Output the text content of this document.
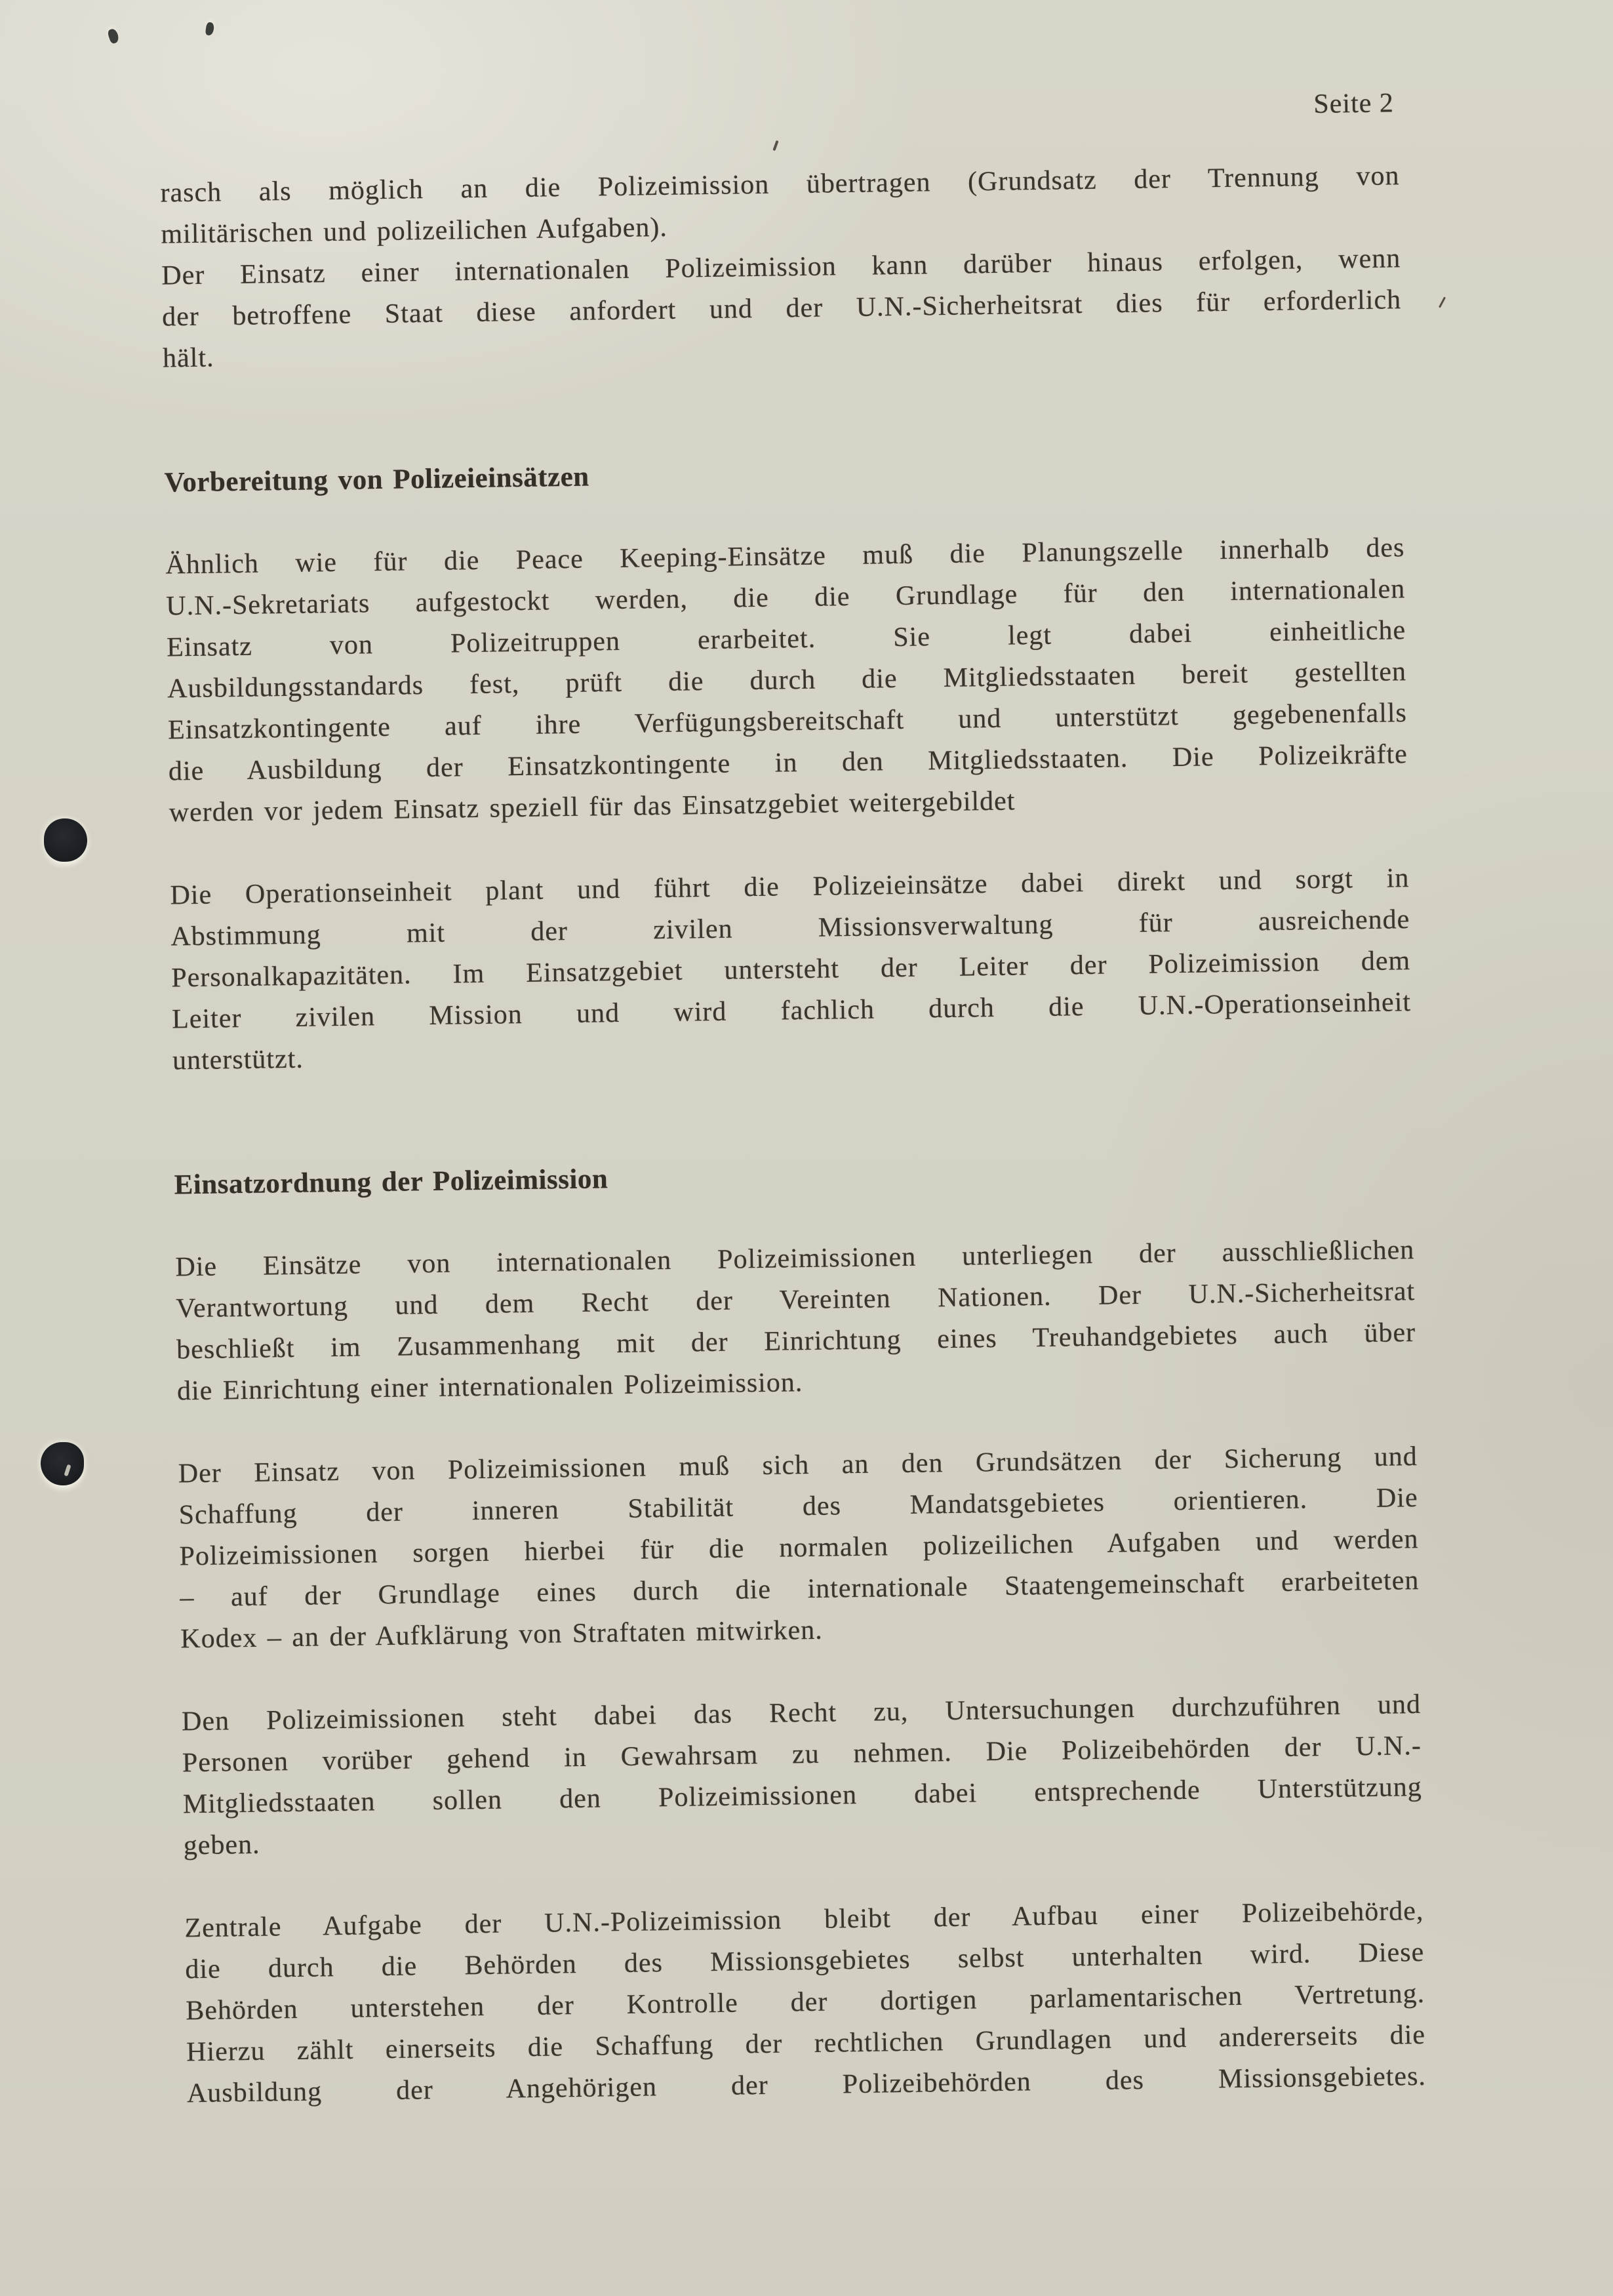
Seite 2
rasch als möglich an die Polizeimission übertragen (Grundsatz der Trennung von
militärischen und polizeilichen Aufgaben).
Der Einsatz einer internationalen Polizeimission kann darüber hinaus erfolgen, wenn
der betroffene Staat diese anfordert und der U.N.-Sicherheitsrat dies für erforderlich
hält.
Vorbereitung von Polizeieinsätzen
Ähnlich wie für die Peace Keeping-Einsätze muß die Planungszelle innerhalb des
U.N.-Sekretariats aufgestockt werden, die die Grundlage für den internationalen
Einsatz von Polizeitruppen erarbeitet. Sie legt dabei einheitliche
Ausbildungsstandards fest, prüft die durch die Mitgliedsstaaten bereit gestellten
Einsatzkontingente auf ihre Verfügungsbereitschaft und unterstützt gegebenenfalls
die Ausbildung der Einsatzkontingente in den Mitgliedsstaaten. Die Polizeikräfte
werden vor jedem Einsatz speziell für das Einsatzgebiet weitergebildet
Die Operationseinheit plant und führt die Polizeieinsätze dabei direkt und sorgt in
Abstimmung mit der zivilen Missionsverwaltung für ausreichende
Personalkapazitäten. Im Einsatzgebiet untersteht der Leiter der Polizeimission dem
Leiter zivilen Mission und wird fachlich durch die U.N.-Operationseinheit
unterstützt.
Einsatzordnung der Polizeimission
Die Einsätze von internationalen Polizeimissionen unterliegen der ausschließlichen
Verantwortung und dem Recht der Vereinten Nationen. Der U.N.-Sicherheitsrat
beschließt im Zusammenhang mit der Einrichtung eines Treuhandgebietes auch über
die Einrichtung einer internationalen Polizeimission.
Der Einsatz von Polizeimissionen muß sich an den Grundsätzen der Sicherung und
Schaffung der inneren Stabilität des Mandatsgebietes orientieren. Die
Polizeimissionen sorgen hierbei für die normalen polizeilichen Aufgaben und werden
– auf der Grundlage eines durch die internationale Staatengemeinschaft erarbeiteten
Kodex – an der Aufklärung von Straftaten mitwirken.
Den Polizeimissionen steht dabei das Recht zu, Untersuchungen durchzuführen und
Personen vorüber gehend in Gewahrsam zu nehmen. Die Polizeibehörden der U.N.-
Mitgliedsstaaten sollen den Polizeimissionen dabei entsprechende Unterstützung
geben.
Zentrale Aufgabe der U.N.-Polizeimission bleibt der Aufbau einer Polizeibehörde,
die durch die Behörden des Missionsgebietes selbst unterhalten wird. Diese
Behörden unterstehen der Kontrolle der dortigen parlamentarischen Vertretung.
Hierzu zählt einerseits die Schaffung der rechtlichen Grundlagen und andererseits die
Ausbildung der Angehörigen der Polizeibehörden des Missionsgebietes.
